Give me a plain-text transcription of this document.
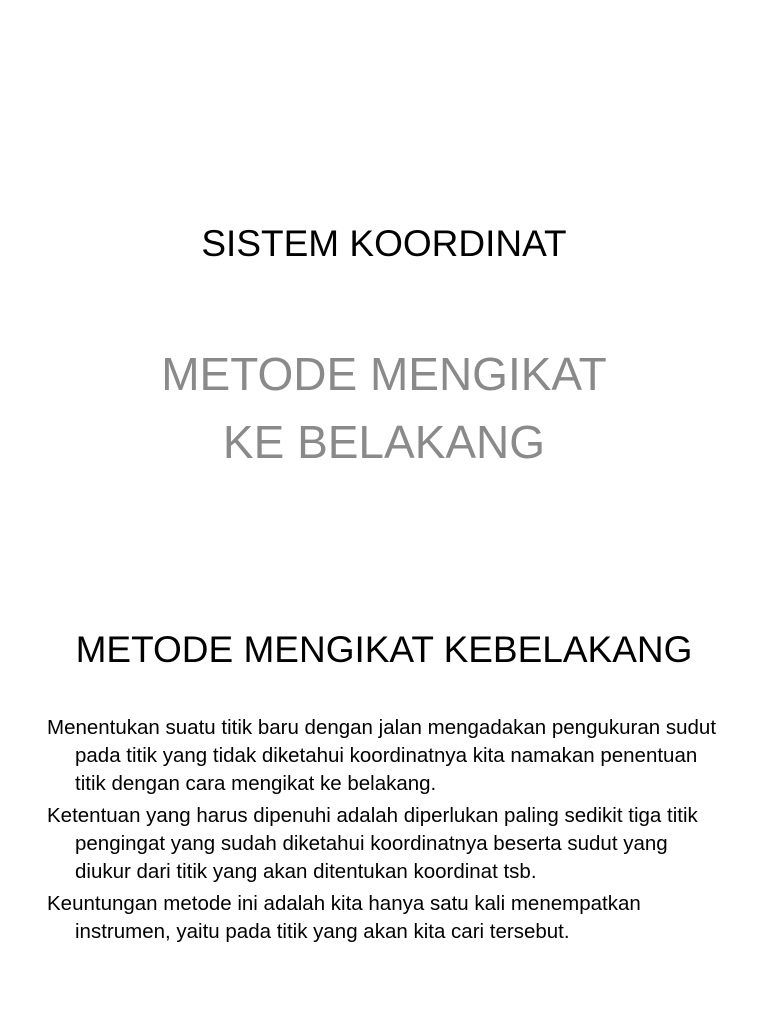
SISTEM KOORDINAT
METODE MENGIKAT
KE BELAKANG
METODE MENGIKAT KEBELAKANG
Menentukan suatu titik baru dengan jalan mengadakan pengukuran sudut pada titik yang tidak diketahui koordinatnya kita namakan penentuan titik dengan cara mengikat ke belakang.
Ketentuan yang harus dipenuhi adalah diperlukan paling sedikit tiga titik pengingat yang sudah diketahui koordinatnya beserta sudut yang diukur dari titik yang akan ditentukan koordinat tsb.
Keuntungan metode ini adalah kita hanya satu kali menempatkan instrumen, yaitu pada titik yang akan kita cari tersebut.
